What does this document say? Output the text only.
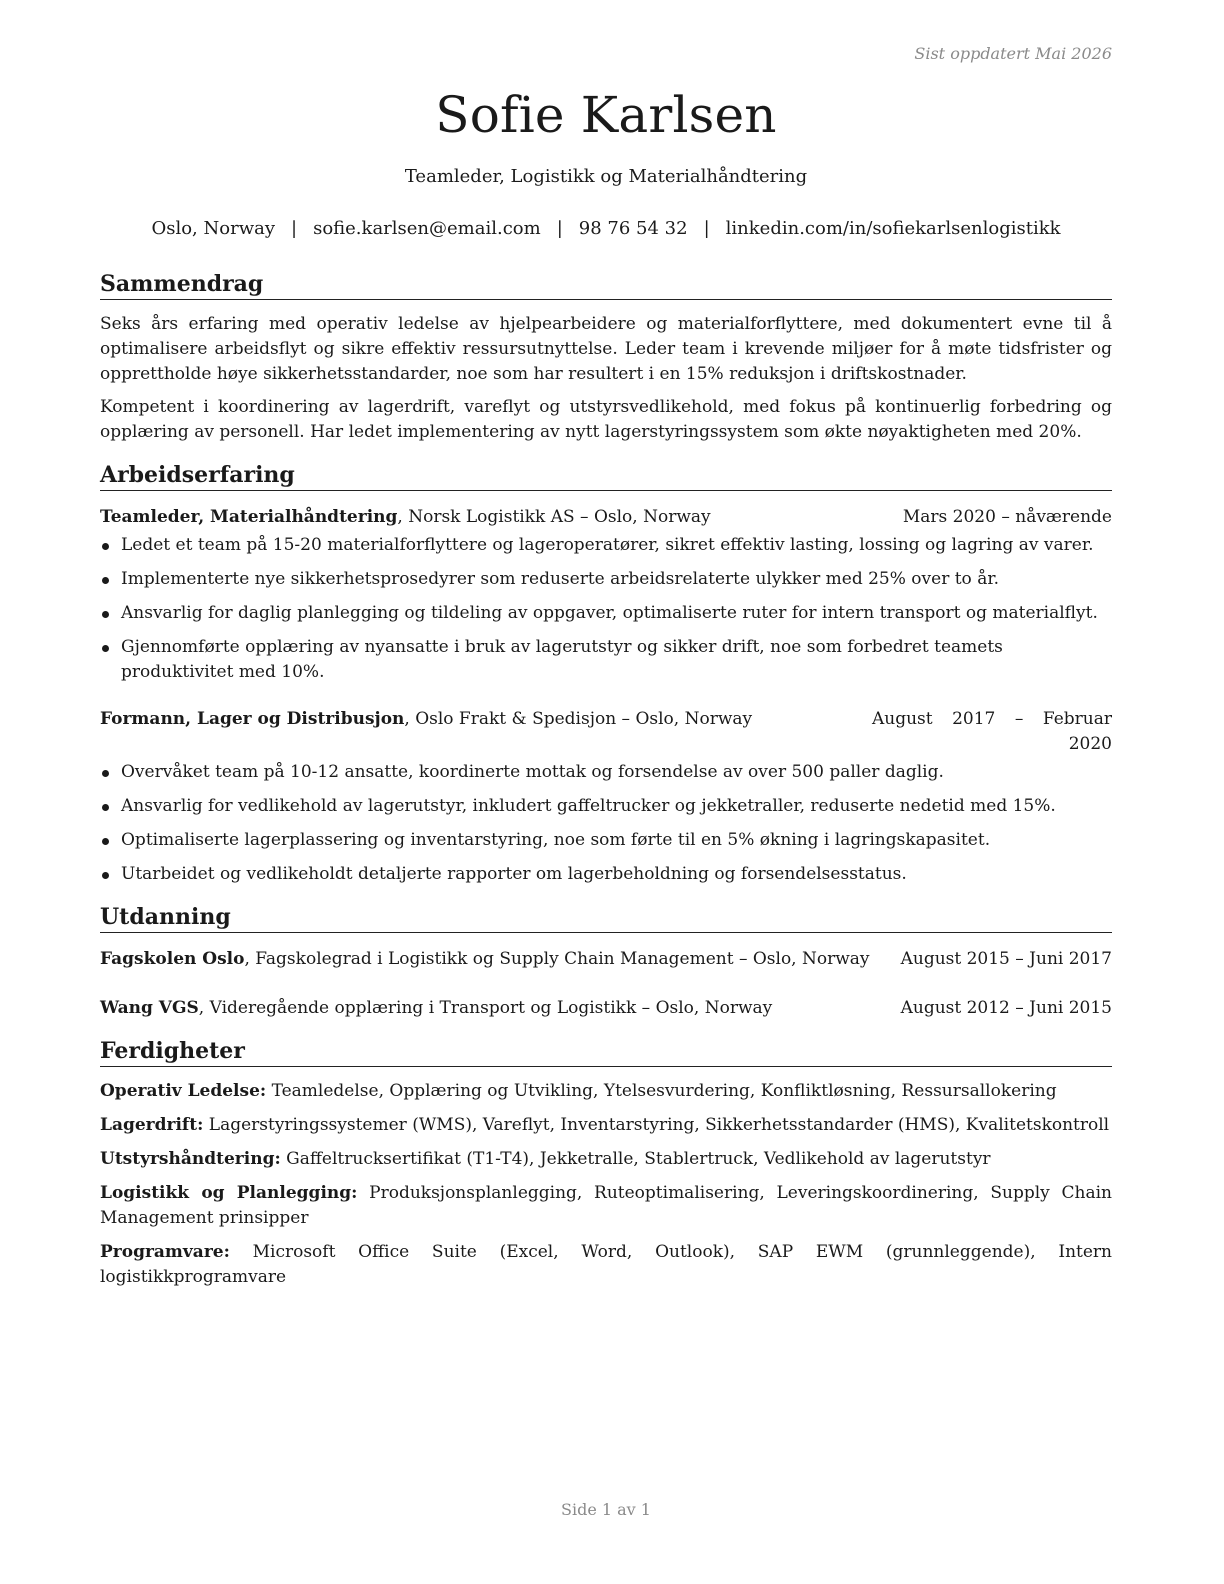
Sist oppdatert Mai 2026
Sofie Karlsen
Teamleder, Logistikk og Materialhåndtering
Oslo, Norway | sofie.karlsen@email.com | 98 76 54 32 | linkedin.com/in/sofiekarlsenlogistikk
Sammendrag

Seks års erfaring med operativ ledelse av hjelpearbeidere og materialforflyttere, med dokumentert evne til å optimalisere arbeidsflyt og sikre effektiv ressursutnyttelse. Leder team i krevende miljøer for å møte tidsfrister og opprettholde høye sikkerhetsstandarder, noe som har resultert i en 15% reduksjon i driftskostnader.

Kompetent i koordinering av lagerdrift, vareflyt og utstyrsvedlikehold, med fokus på kontinuerlig forbedring og opplæring av personell. Har ledet implementering av nytt lagerstyringssystem som økte nøyaktigheten med 20%.

Arbeidserfaring
Teamleder, Materialhåndtering, Norsk Logistikk AS – Oslo, Norway	Mars 2020 – nåværende
Ledet et team på 15-20 materialforflyttere og lageroperatører, sikret effektiv lasting, lossing og lagring av varer.
Implementerte nye sikkerhetsprosedyrer som reduserte arbeidsrelaterte ulykker med 25% over to år.
Ansvarlig for daglig planlegging og tildeling av oppgaver, optimaliserte ruter for intern transport og materialflyt.
Gjennomførte opplæring av nyansatte i bruk av lagerutstyr og sikker drift, noe som forbedret teamets produktivitet med 10%.
Formann, Lager og Distribusjon, Oslo Frakt & Spedisjon – Oslo, Norway	August 2017 – Februar 2020
Overvåket team på 10-12 ansatte, koordinerte mottak og forsendelse av over 500 paller daglig.
Ansvarlig for vedlikehold av lagerutstyr, inkludert gaffeltrucker og jekketraller, reduserte nedetid med 15%.
Optimaliserte lagerplassering og inventarstyring, noe som førte til en 5% økning i lagringskapasitet.
Utarbeidet og vedlikeholdt detaljerte rapporter om lagerbeholdning og forsendelsesstatus.
Utdanning
Fagskolen Oslo, Fagskolegrad i Logistikk og Supply Chain Management – Oslo, Norway August 2015 – Juni 2017
Wang VGS, Videregående opplæring i Transport og Logistikk – Oslo, Norway	August 2012 – Juni 2015
Ferdigheter
Operativ Ledelse: Teamledelse, Opplæring og Utvikling, Ytelsesvurdering, Konfliktløsning, Ressursallokering
Lagerdrift: Lagerstyringssystemer (WMS), Vareflyt, Inventarstyring, Sikkerhetsstandarder (HMS), Kvalitetskontroll
Utstyrshåndtering: Gaffeltrucksertifikat (T1-T4), Jekketralle, Stablertruck, Vedlikehold av lagerutstyr
Logistikk og Planlegging: Produksjonsplanlegging, Ruteoptimalisering, Leveringskoordinering, Supply Chain Management prinsipper
Programvare: Microsoft Office Suite (Excel, Word, Outlook), SAP EWM (grunnleggende), Intern logistikkprogramvare
Side 1 av 1
